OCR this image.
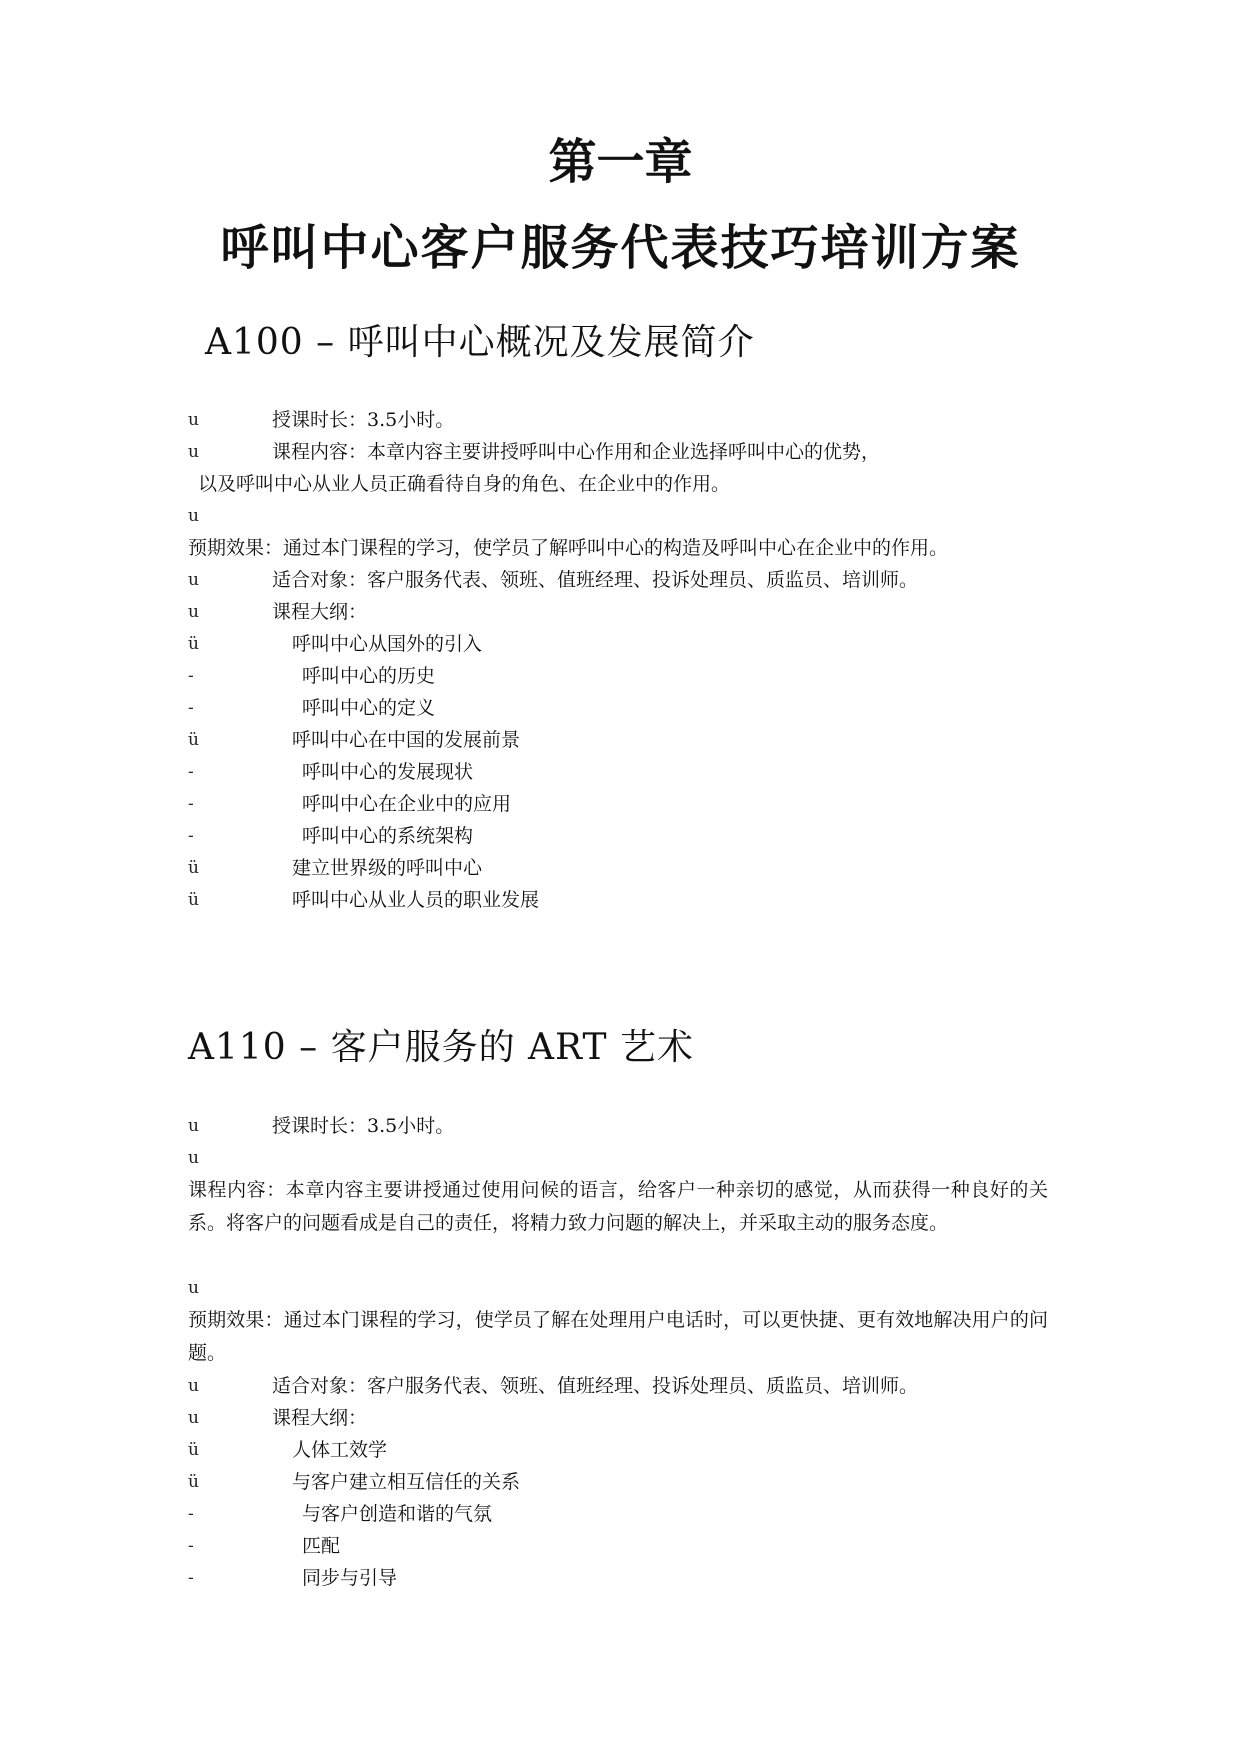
第一章
呼叫中心客户服务代表技巧培训方案
A100 – 呼叫中心概况及发展简介
u	授课时长：3.5小时。
u	课程内容：本章内容主要讲授呼叫中心作用和企业选择呼叫中心的优势，
以及呼叫中心从业人员正确看待自身的角色、在企业中的作用。
u
预期效果：通过本门课程的学习，使学员了解呼叫中心的构造及呼叫中心在企业中的作用。
u	适合对象：客户服务代表、领班、值班经理、投诉处理员、质监员、培训师。
u	课程大纲：
ü	呼叫中心从国外的引入
-	呼叫中心的历史
-	呼叫中心的定义
ü	呼叫中心在中国的发展前景
-	呼叫中心的发展现状
-	呼叫中心在企业中的应用
-	呼叫中心的系统架构
ü	建立世界级的呼叫中心
ü	呼叫中心从业人员的职业发展
A110 – 客户服务的 ART 艺术
u	授课时长：3.5小时。
u
课程内容：本章内容主要讲授通过使用问候的语言，给客户一种亲切的感觉，从而获得一种良好的关系。将客户的问题看成是自己的责任，将精力致力问题的解决上，并采取主动的服务态度。
u
预期效果：通过本门课程的学习，使学员了解在处理用户电话时，可以更快捷、更有效地解决用户的问题。
u	适合对象：客户服务代表、领班、值班经理、投诉处理员、质监员、培训师。
u	课程大纲：
ü	人体工效学
ü	与客户建立相互信任的关系
-	与客户创造和谐的气氛
-	匹配
-	同步与引导
